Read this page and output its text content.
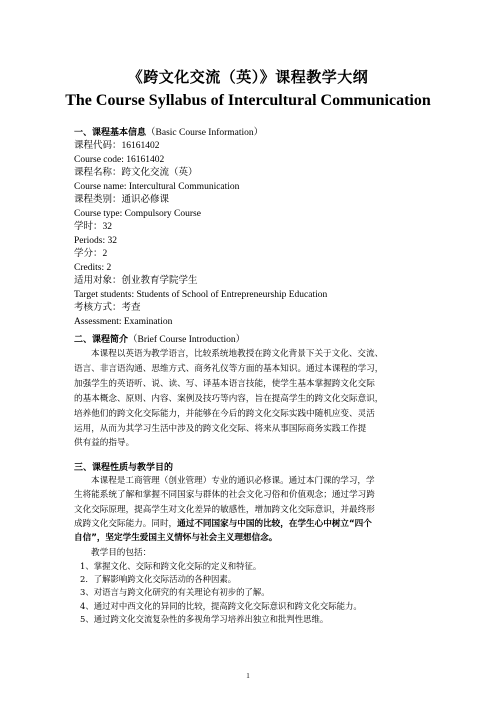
《跨文化交流（英）》课程教学大纲
The Course Syllabus of Intercultural Communication
一、课程基本信息（Basic Course Information）
课程代码：16161402
Course code: 16161402
课程名称：跨文化交流（英）
Course name: Intercultural Communication
课程类别：通识必修课
Course type: Compulsory Course
学时：32
Periods: 32
学分：2
Credits: 2
适用对象：创业教育学院学生
Target students: Students of School of Entrepreneurship Education
考核方式：考查
Assessment: Examination
二、课程简介（Brief Course Introduction）
本课程以英语为教学语言，比较系统地教授在跨文化背景下关于文化、交流、
语言、非言语沟通、思维方式、商务礼仪等方面的基本知识。通过本课程的学习，
加强学生的英语听、说、读、写、译基本语言技能，使学生基本掌握跨文化交际
的基本概念、原则、内容、案例及技巧等内容，旨在提高学生的跨文化交际意识，
培养他们的跨文化交际能力，并能够在今后的跨文化交际实践中随机应变、灵活
运用，从而为其学习生活中涉及的跨文化交际、将来从事国际商务实践工作提
供有益的指导。
三、课程性质与教学目的
本课程是工商管理（创业管理）专业的通识必修课。通过本门课的学习，学
生将能系统了解和掌握不同国家与群体的社会文化习俗和价值观念；通过学习跨
文化交际原理，提高学生对文化差异的敏感性，增加跨文化交际意识，并最终形
成跨文化交际能力。同时，通过不同国家与中国的比较，在学生心中树立“四个
自信”，坚定学生爱国主义情怀与社会主义理想信念。
教学目的包括：
1、掌握文化、交际和跨文化交际的定义和特征。
2．了解影响跨文化交际活动的各种因素。
3、对语言与跨文化研究的有关理论有初步的了解。
4、通过对中西文化的异同的比较，提高跨文化交际意识和跨文化交际能力。
5、通过跨文化交流复杂性的多视角学习培养出独立和批判性思维。
1
